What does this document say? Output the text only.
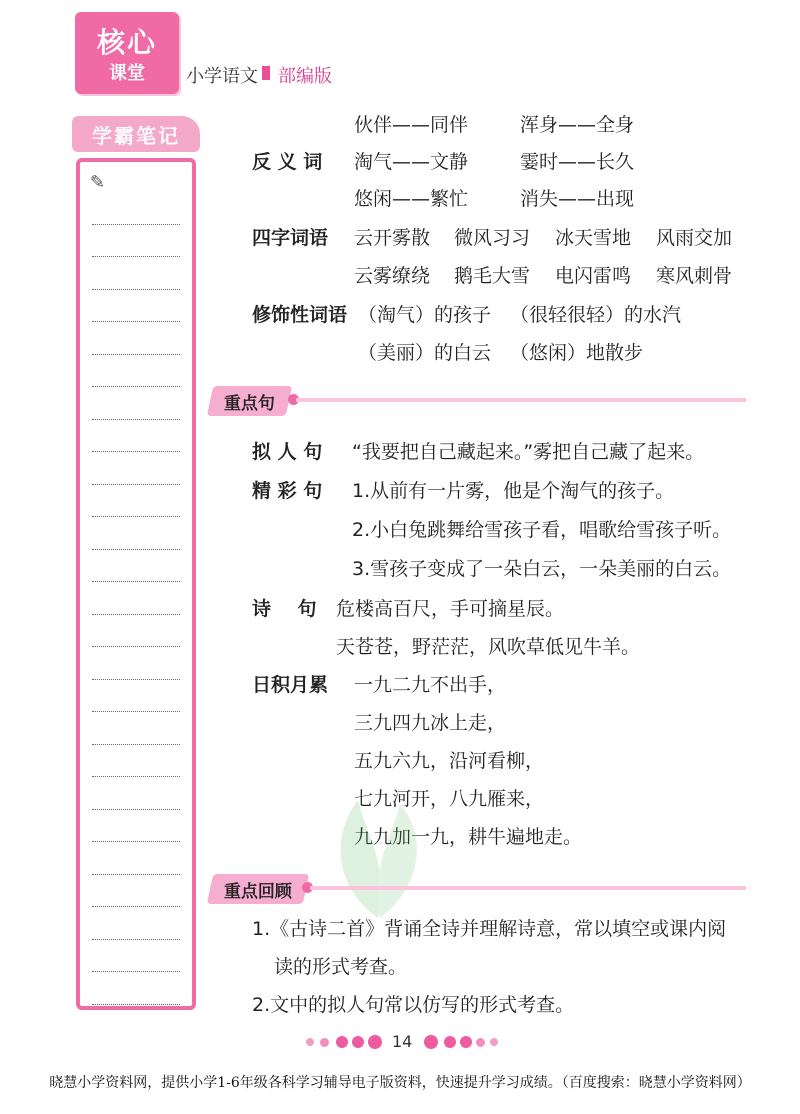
核心
课堂 小学语文 部编版
学霸笔记
✎
伙伴——同伴	浑身——全身
反 义 词 淘气——文静	霎时——长久
悠闲——繁忙	消失——出现
四字词语 云开雾散 微风习习 冰天雪地 风雨交加
云雾缭绕 鹅毛大雪 电闪雷鸣 寒风刺骨
修饰性词语 （淘气）的孩子 （很轻很轻）的水汽
（美丽）的白云 （悠闲）地散步
重点句
拟 人 句 “我要把自己藏起来。”雾把自己藏了起来。
精 彩 句 1.从前有一片雾，他是个淘气的孩子。
2.小白兔跳舞给雪孩子看，唱歌给雪孩子听。
3.雪孩子变成了一朵白云，一朵美丽的白云。
诗    句 危楼高百尺，手可摘星辰。
天苍苍，野茫茫，风吹草低见牛羊。
日积月累 一九二九不出手，
三九四九冰上走，
五九六九，沿河看柳，
七九河开，八九雁来，
九九加一九，耕牛遍地走。
重点回顾
1.《古诗二首》背诵全诗并理解诗意，常以填空或课内阅
读的形式考查。
2.文中的拟人句常以仿写的形式考查。
14
晓慧小学资料网，提供小学1-6年级各科学习辅导电子版资料，快速提升学习成绩。（百度搜索：晓慧小学资料网）
